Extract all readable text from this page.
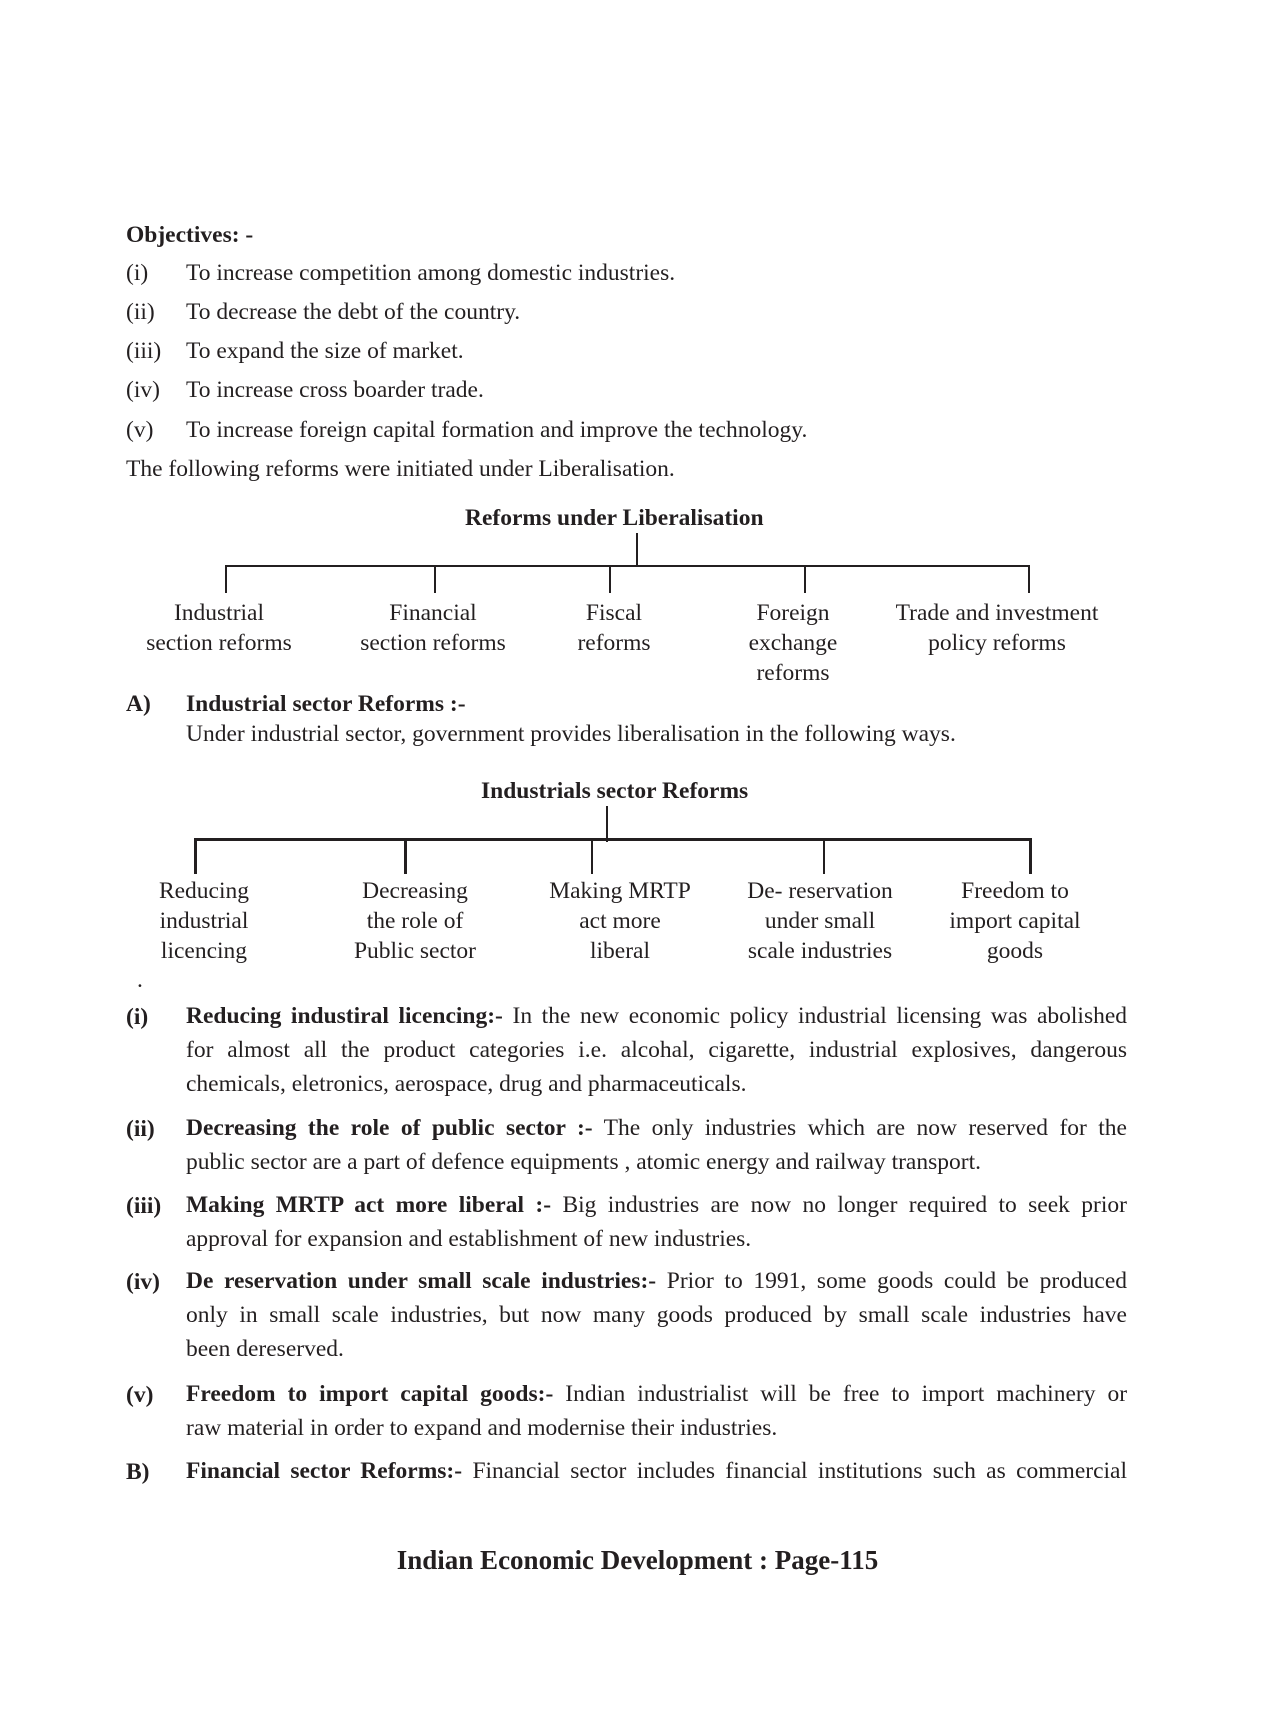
Objectives: -
(i) To increase competition among domestic industries.
(ii) To decrease the debt of the country.
(iii) To expand the size of market.
(iv) To increase cross boarder trade.
(v) To increase foreign capital formation and improve the technology.
The following reforms were initiated under Liberalisation.
Reforms under Liberalisation
Industrial
section reforms
Financial
section reforms
Fiscal
reforms
Foreign
exchange
reforms
Trade and investment
policy reforms
A) Industrial sector Reforms :-
Under industrial sector, government provides liberalisation in the following ways.
Industrials sector Reforms
Reducing
industrial
licencing
Decreasing
the role of
Public sector
Making MRTP
act more
liberal
De- reservation
under small
scale industries
Freedom to
import capital
goods
.
(i) Reducing industiral licencing:- In the new economic policy industrial licensing was abolished
for almost all the product categories i.e. alcohal, cigarette, industrial explosives, dangerous
chemicals, eletronics, aerospace, drug and pharmaceuticals.
(ii) Decreasing the role of public sector :- The only industries which are now reserved for the
public sector are a part of defence equipments , atomic energy and railway transport.
(iii) Making MRTP act more liberal :- Big industries are now no longer required to seek prior
approval for expansion and establishment of new industries.
(iv) De reservation under small scale industries:- Prior to 1991, some goods could be produced
only in small scale industries, but now many goods produced by small scale industries have
been dereserved.
(v) Freedom to import capital goods:- Indian industrialist will be free to import machinery or
raw material in order to expand and modernise their industries.
B) Financial sector Reforms:- Financial sector includes financial institutions such as commercial
Indian Economic Development : Page-115
